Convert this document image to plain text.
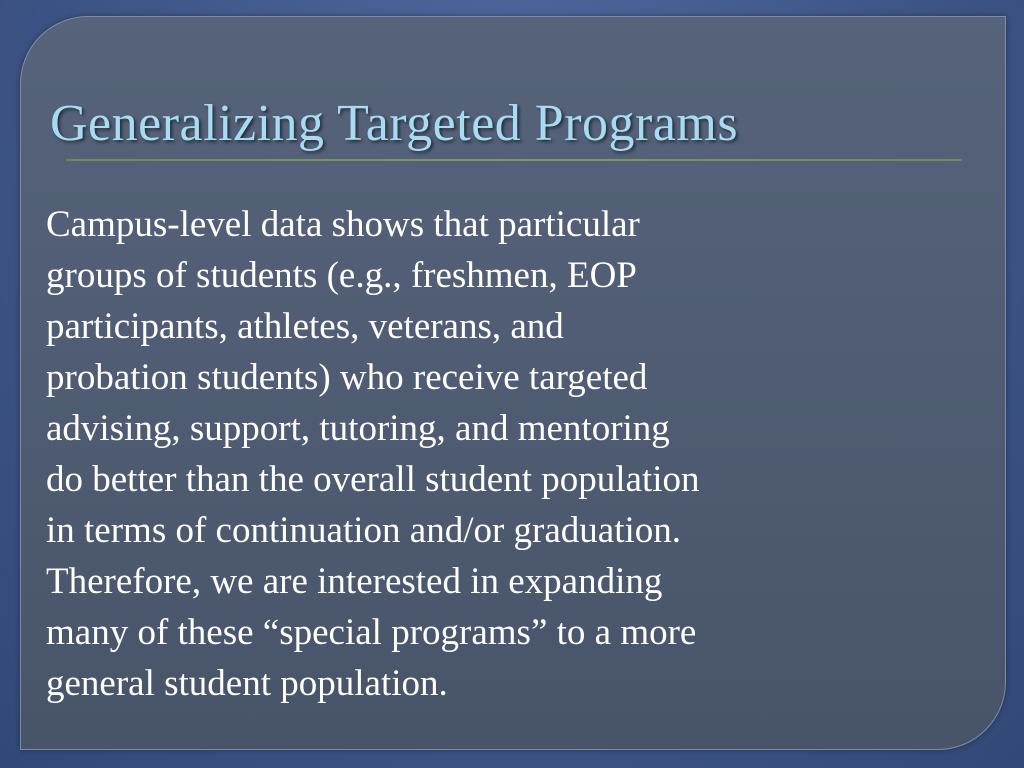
Generalizing Targeted Programs
Campus-level data shows that particular
groups of students (e.g., freshmen, EOP
participants, athletes, veterans, and
probation students) who receive targeted
advising, support, tutoring, and mentoring
do better than the overall student population
in terms of continuation and/or graduation.
Therefore, we are interested in expanding
many of these “special programs” to a more
general student population.
